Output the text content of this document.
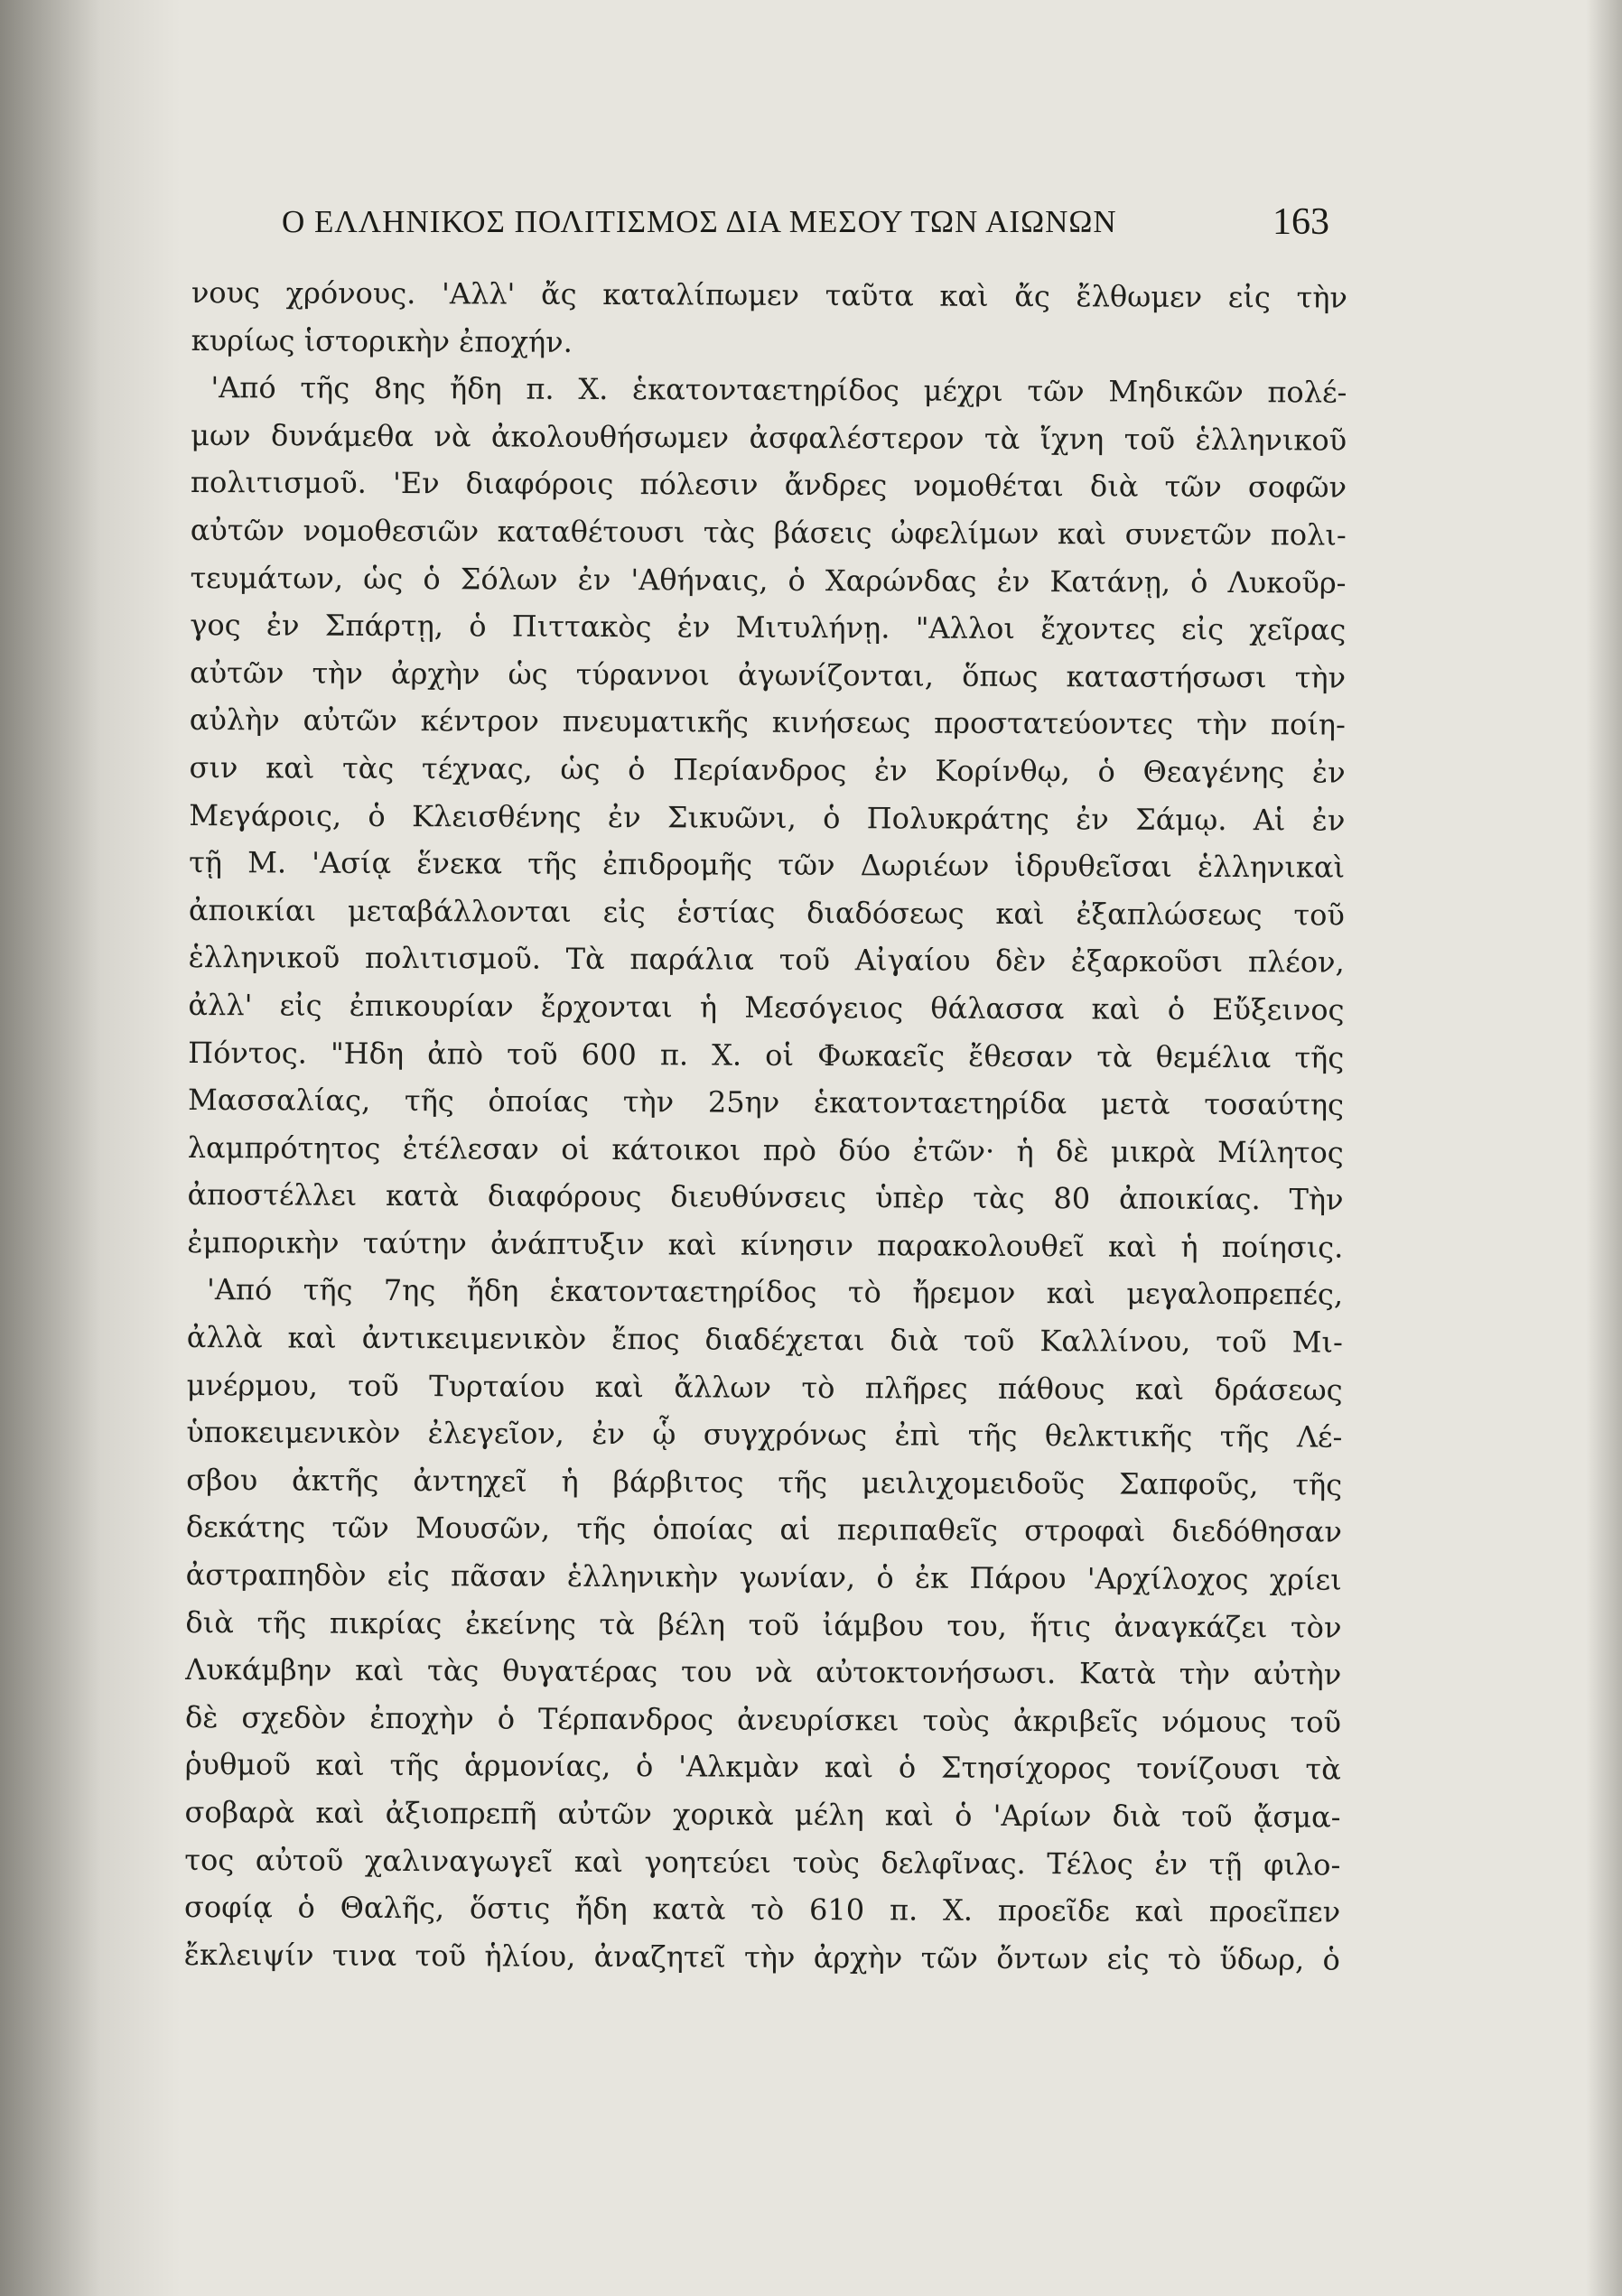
Ο ΕΛΛΗΝΙΚΟΣ ΠΟΛΙΤΙΣΜΟΣ ΔΙΑ ΜΕΣΟΥ ΤΩΝ ΑΙΩΝΩΝ	163
νους χρόνους. 'Αλλ' ἄς καταλίπωμεν ταῦτα καὶ ἄς ἔλθωμεν εἰς τὴν
κυρίως ἱστορικὴν ἐποχήν.
'Από τῆς 8ης ἤδη π. Χ. ἑκατονταετηρίδος μέχρι τῶν Μηδικῶν πολέ-
μων δυνάμεθα νὰ ἀκολουθήσωμεν ἀσφαλέστερον τὰ ἴχνη τοῦ ἑλληνικοῦ
πολιτισμοῦ. 'Εν διαφόροις πόλεσιν ἄνδρες νομοθέται διὰ τῶν σοφῶν
αὐτῶν νομοθεσιῶν καταθέτουσι τὰς βάσεις ὠφελίμων καὶ συνετῶν πολι-
τευμάτων, ὡς ὁ Σόλων ἐν 'Αθήναις, ὁ Χαρώνδας ἐν Κατάνῃ, ὁ Λυκοῦρ-
γος ἐν Σπάρτῃ, ὁ Πιττακὸς ἐν Μιτυλήνῃ. "Αλλοι ἔχοντες εἰς χεῖρας
αὐτῶν τὴν ἀρχὴν ὡς τύραννοι ἀγωνίζονται, ὅπως καταστήσωσι τὴν
αὐλὴν αὐτῶν κέντρον πνευματικῆς κινήσεως προστατεύοντες τὴν ποίη-
σιν καὶ τὰς τέχνας, ὡς ὁ Περίανδρος ἐν Κορίνθῳ, ὁ Θεαγένης ἐν
Μεγάροις, ὁ Κλεισθένης ἐν Σικυῶνι, ὁ Πολυκράτης ἐν Σάμῳ. Αἱ ἐν
τῇ Μ. 'Ασίᾳ ἕνεκα τῆς ἐπιδρομῆς τῶν Δωριέων ἱδρυθεῖσαι ἑλληνικαὶ
ἀποικίαι μεταβάλλονται εἰς ἑστίας διαδόσεως καὶ ἐξαπλώσεως τοῦ
ἑλληνικοῦ πολιτισμοῦ. Τὰ παράλια τοῦ Αἰγαίου δὲν ἐξαρκοῦσι πλέον,
ἀλλ' εἰς ἐπικουρίαν ἔρχονται ἡ Μεσόγειος θάλασσα καὶ ὁ Εὔξεινος
Πόντος. "Ηδη ἀπὸ τοῦ 600 π. Χ. οἱ Φωκαεῖς ἔθεσαν τὰ θεμέλια τῆς
Μασσαλίας, τῆς ὁποίας τὴν 25ην ἑκατονταετηρίδα μετὰ τοσαύτης
λαμπρότητος ἐτέλεσαν οἱ κάτοικοι πρὸ δύο ἐτῶν· ἡ δὲ μικρὰ Μίλητος
ἀποστέλλει κατὰ διαφόρους διευθύνσεις ὑπὲρ τὰς 80 ἀποικίας. Τὴν
ἐμπορικὴν ταύτην ἀνάπτυξιν καὶ κίνησιν παρακολουθεῖ καὶ ἡ ποίησις.
'Από τῆς 7ης ἤδη ἑκατονταετηρίδος τὸ ἤρεμον καὶ μεγαλοπρεπές,
ἀλλὰ καὶ ἀντικειμενικὸν ἔπος διαδέχεται διὰ τοῦ Καλλίνου, τοῦ Μι-
μνέρμου, τοῦ Τυρταίου καὶ ἄλλων τὸ πλῆρες πάθους καὶ δράσεως
ὑποκειμενικὸν ἐλεγεῖον, ἐν ᾧ συγχρόνως ἐπὶ τῆς θελκτικῆς τῆς Λέ-
σβου ἀκτῆς ἀντηχεῖ ἡ βάρβιτος τῆς μειλιχομειδοῦς Σαπφοῦς, τῆς
δεκάτης τῶν Μουσῶν, τῆς ὁποίας αἱ περιπαθεῖς στροφαὶ διεδόθησαν
ἀστραπηδὸν εἰς πᾶσαν ἑλληνικὴν γωνίαν, ὁ ἐκ Πάρου 'Αρχίλοχος χρίει
διὰ τῆς πικρίας ἐκείνης τὰ βέλη τοῦ ἰάμβου του, ἥτις ἀναγκάζει τὸν
Λυκάμβην καὶ τὰς θυγατέρας του νὰ αὐτοκτονήσωσι. Κατὰ τὴν αὐτὴν
δὲ σχεδὸν ἐποχὴν ὁ Τέρπανδρος ἀνευρίσκει τοὺς ἀκριβεῖς νόμους τοῦ
ῥυθμοῦ καὶ τῆς ἁρμονίας, ὁ 'Αλκμὰν καὶ ὁ Στησίχορος τονίζουσι τὰ
σοβαρὰ καὶ ἀξιοπρεπῆ αὐτῶν χορικὰ μέλη καὶ ὁ 'Αρίων διὰ τοῦ ᾄσμα-
τος αὐτοῦ χαλιναγωγεῖ καὶ γοητεύει τοὺς δελφῖνας. Τέλος ἐν τῇ φιλο-
σοφίᾳ ὁ Θαλῆς, ὅστις ἤδη κατὰ τὸ 610 π. Χ. προεῖδε καὶ προεῖπεν
ἔκλειψίν τινα τοῦ ἡλίου, ἀναζητεῖ τὴν ἀρχὴν τῶν ὄντων εἰς τὸ ὕδωρ, ὁ
